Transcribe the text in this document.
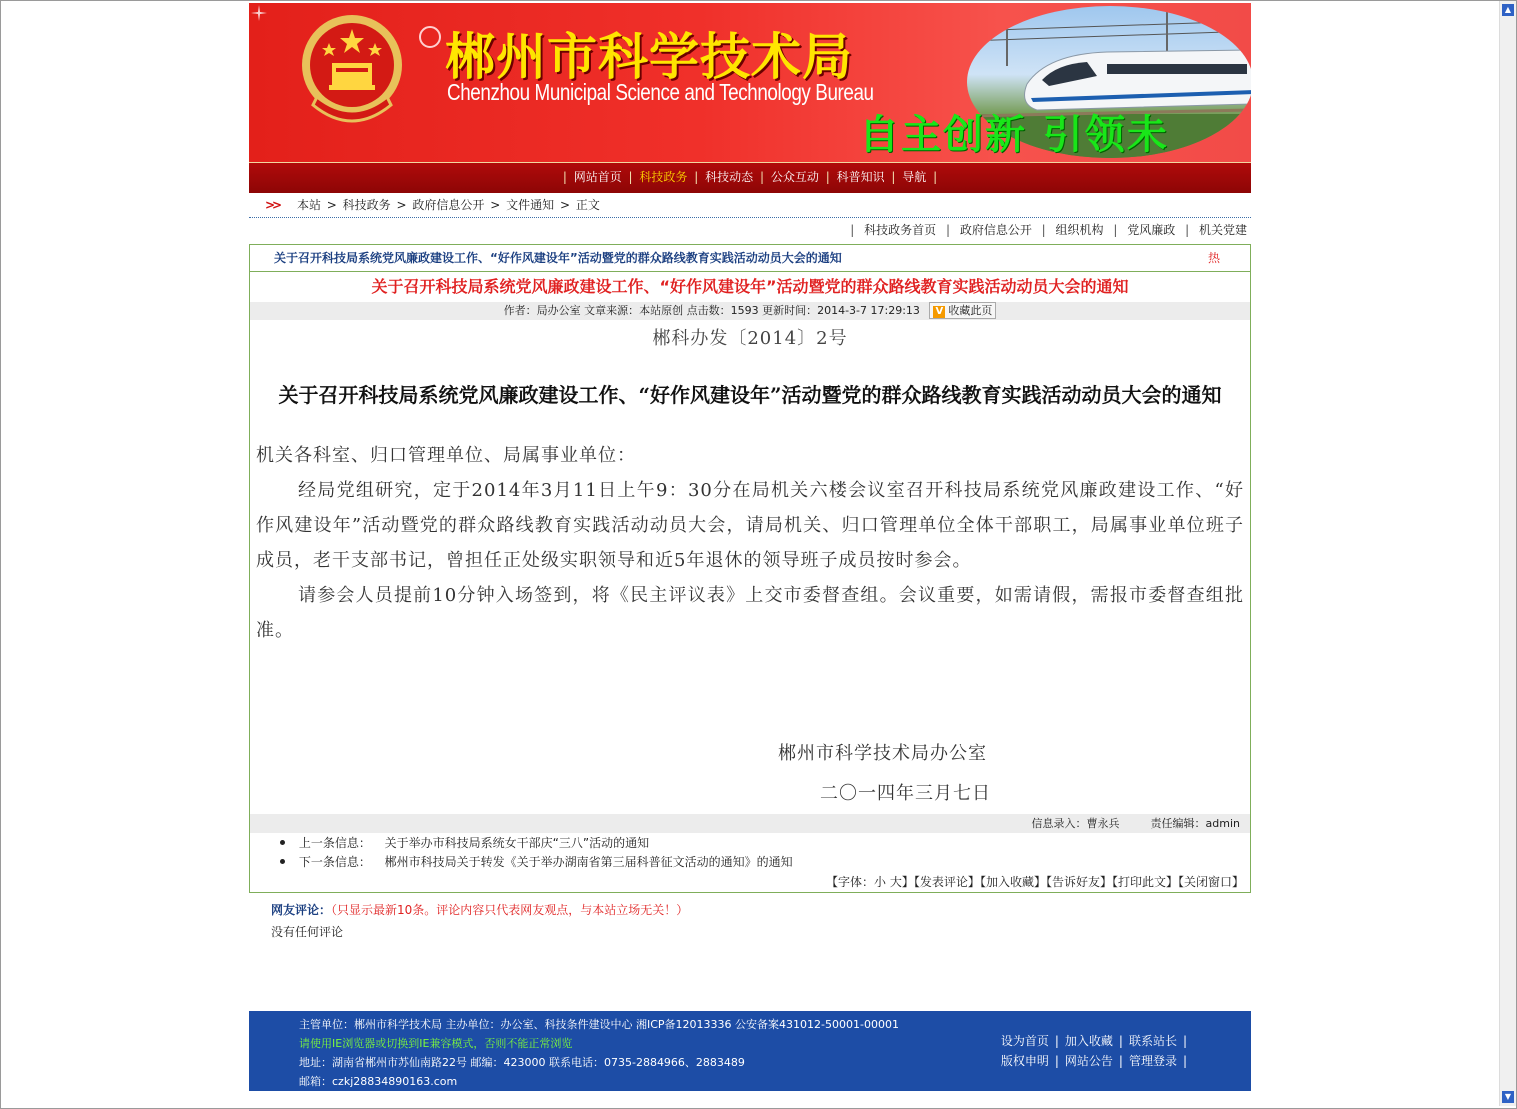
▲
▼
郴州市科学技术局
Chenzhou Municipal Science and Technology Bureau
自主创新 引领未
| 网站首页 | 科技政务 | 科技动态 | 公众互动 | 科普知识 | 导航 |
>> 本站 > 科技政务 > 政府信息公开 > 文件通知 > 正文
| 科技政务首页 | 政府信息公开 | 组织机构 | 党风廉政 | 机关党建
关于召开科技局系统党风廉政建设工作、“好作风建设年”活动暨党的群众路线教育实践活动动员大会的通知	热
关于召开科技局系统党风廉政建设工作、“好作风建设年”活动暨党的群众路线教育实践活动动员大会的通知
作者：局办公室 文章来源：本站原创 点击数：1593 更新时间：2014-3-7 17:29:13 V 收藏此页
郴科办发〔2014〕2号
关于召开科技局系统党风廉政建设工作、“好作风建设年”活动暨党的群众路线教育实践活动动员大会的通知

机关各科室、归口管理单位、局属事业单位：

经局党组研究，定于2014年3月11日上午9：30分在局机关六楼会议室召开科技局系统党风廉政建设工作、“好作风建设年”活动暨党的群众路线教育实践活动动员大会，请局机关、归口管理单位全体干部职工，局属事业单位班子成员，老干支部书记，曾担任正处级实职领导和近5年退休的领导班子成员按时参会。

请参会人员提前10分钟入场签到，将《民主评议表》上交市委督查组。会议重要，如需请假，需报市委督查组批准。

郴州市科学技术局办公室
二〇一四年三月七日
信息录入：曹永兵	责任编辑：admin
上一条信息： 关于举办市科技局系统女干部庆“三八”活动的通知
下一条信息： 郴州市科技局关于转发《关于举办湖南省第三届科普征文活动的通知》的通知
【字体：小 大】【发表评论】【加入收藏】【告诉好友】【打印此文】【关闭窗口】
网友评论：（只显示最新10条。评论内容只代表网友观点，与本站立场无关！）
没有任何评论
主管单位：郴州市科学技术局 主办单位：办公室、科技条件建设中心 湘ICP备12013336 公安备案431012-50001-00001
请使用IE浏览器或切换到IE兼容模式，否则不能正常浏览
地址：湖南省郴州市苏仙南路22号 邮编：423000 联系电话：0735-2884966、2883489
邮箱：czkj28834890163.com
设为首页 | 加入收藏 | 联系站长 |
版权申明 | 网站公告 | 管理登录 |
